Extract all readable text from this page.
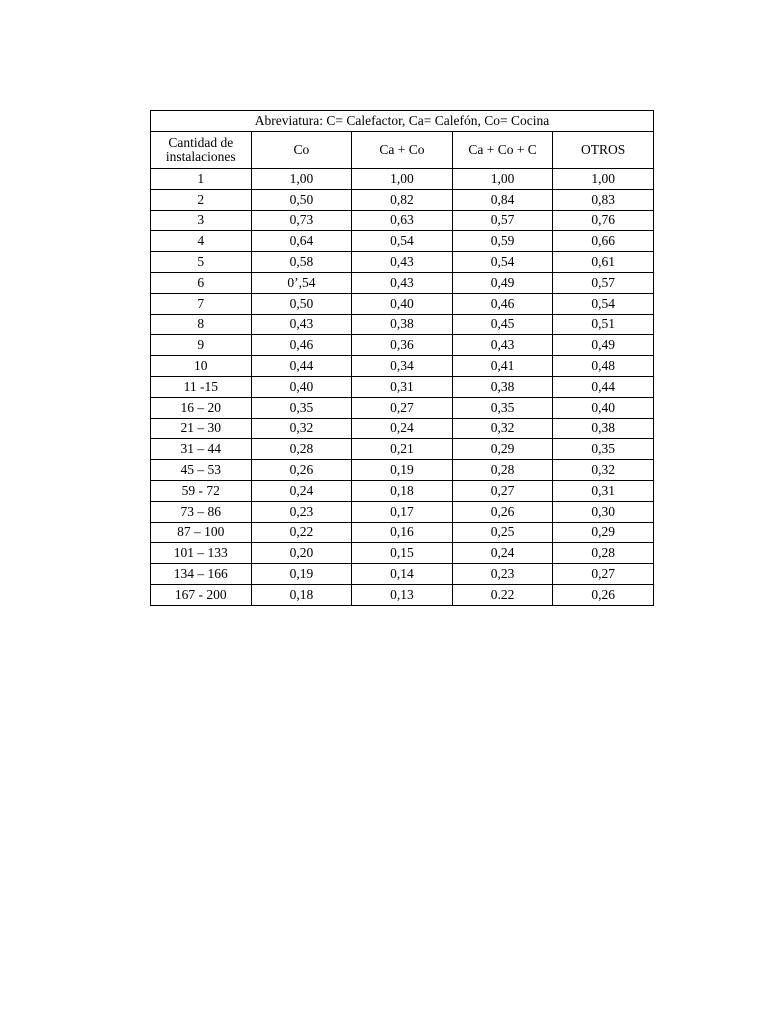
Abreviatura: C= Calefactor, Ca= Calefón, Co= Cocina				
Cantidad de
instalaciones	Co	Ca + Co	Ca + Co + C	OTROS
1	1,00	1,00	1,00	1,00
2	0,50	0,82	0,84	0,83
3	0,73	0,63	0,57	0,76
4	0,64	0,54	0,59	0,66
5	0,58	0,43	0,54	0,61
6	0’,54	0,43	0,49	0,57
7	0,50	0,40	0,46	0,54
8	0,43	0,38	0,45	0,51
9	0,46	0,36	0,43	0,49
10	0,44	0,34	0,41	0,48
11 -15	0,40	0,31	0,38	0,44
16 – 20	0,35	0,27	0,35	0,40
21 – 30	0,32	0,24	0,32	0,38
31 – 44	0,28	0,21	0,29	0,35
45 – 53	0,26	0,19	0,28	0,32
59 - 72	0,24	0,18	0,27	0,31
73 – 86	0,23	0,17	0,26	0,30
87 – 100	0,22	0,16	0,25	0,29
101 – 133	0,20	0,15	0,24	0,28
134 – 166	0,19	0,14	0,23	0,27
167 - 200	0,18	0,13	0.22	0,26
